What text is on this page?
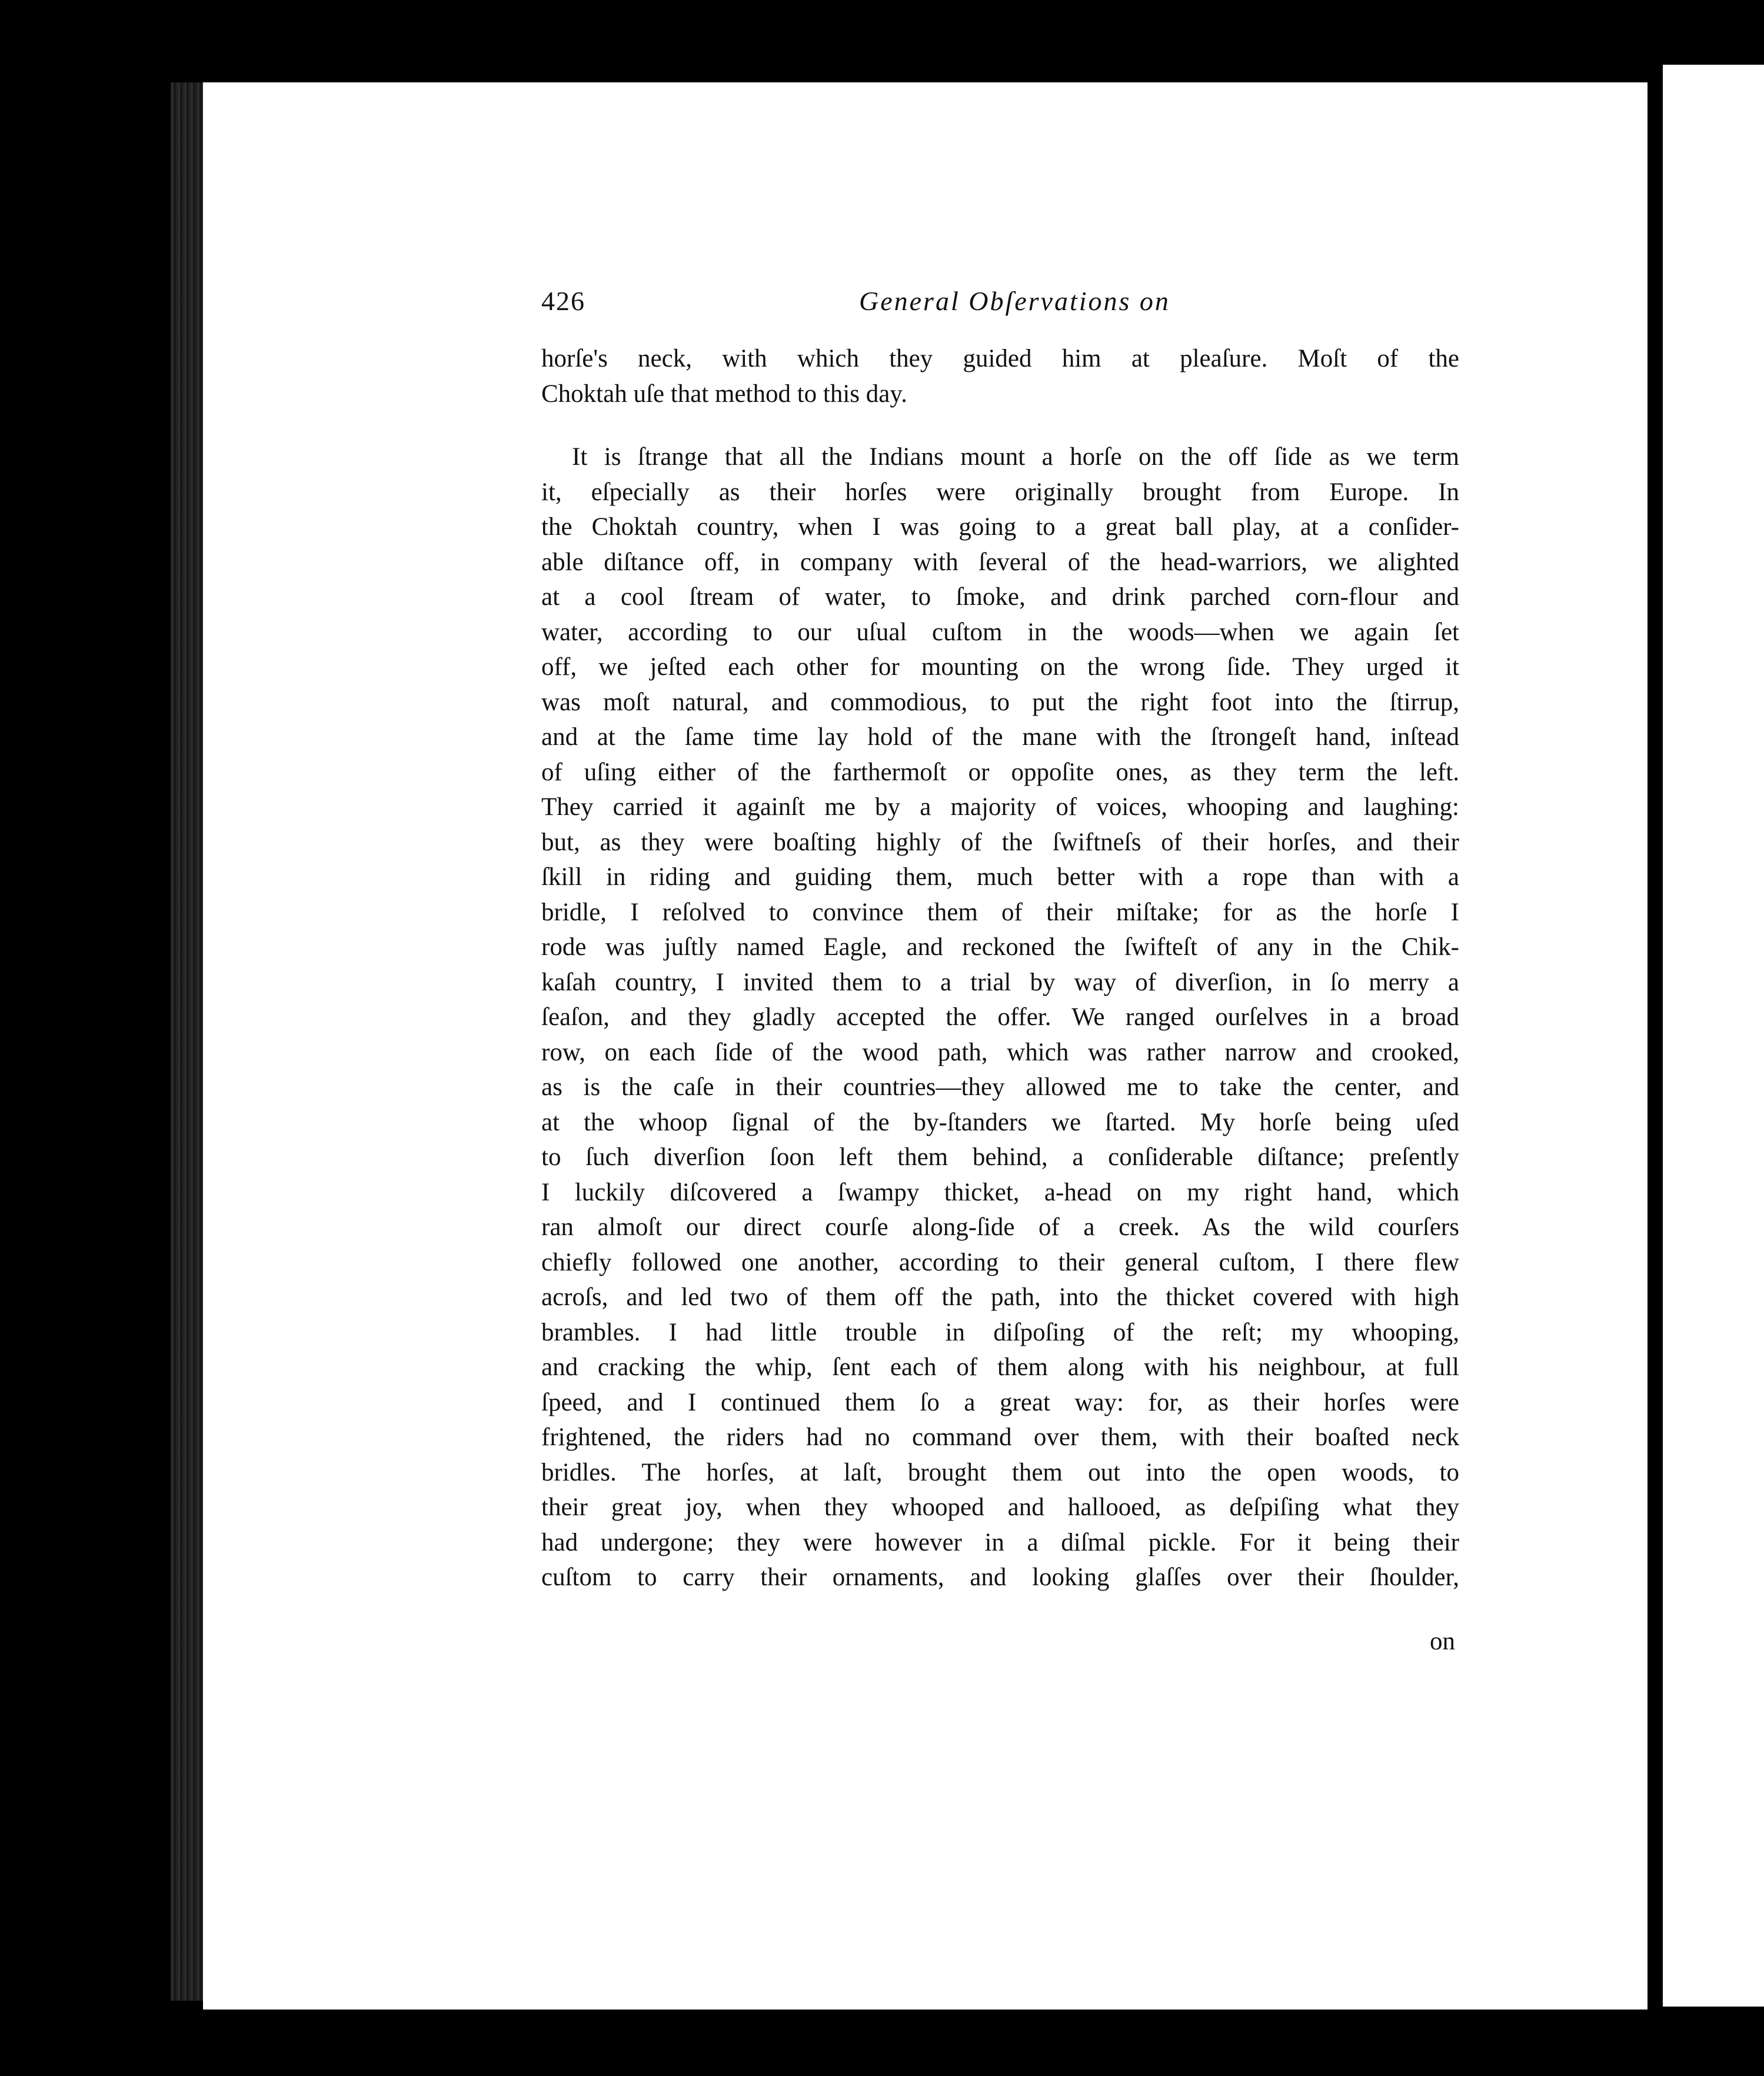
426	General Obſervations on
horſe's neck, with which they guided him at pleaſure. Moſt of the
Choktah uſe that method to this day.
It is ſtrange that all the Indians mount a horſe on the off ſide as we term
it, eſpecially as their horſes were originally brought from Europe. In
the Choktah country, when I was going to a great ball play, at a conſider-
able diſtance off, in company with ſeveral of the head-warriors, we alighted
at a cool ſtream of water, to ſmoke, and drink parched corn-flour and
water, according to our uſual cuſtom in the woods—when we again ſet
off, we jeſted each other for mounting on the wrong ſide. They urged it
was moſt natural, and commodious, to put the right foot into the ſtirrup,
and at the ſame time lay hold of the mane with the ſtrongeſt hand, inſtead
of uſing either of the farthermoſt or oppoſite ones, as they term the left.
They carried it againſt me by a majority of voices, whooping and laughing:
but, as they were boaſting highly of the ſwiftneſs of their horſes, and their
ſkill in riding and guiding them, much better with a rope than with a
bridle, I reſolved to convince them of their miſtake; for as the horſe I
rode was juſtly named Eagle, and reckoned the ſwifteſt of any in the Chik-
kaſah country, I invited them to a trial by way of diverſion, in ſo merry a
ſeaſon, and they gladly accepted the offer. We ranged ourſelves in a broad
row, on each ſide of the wood path, which was rather narrow and crooked,
as is the caſe in their countries—they allowed me to take the center, and
at the whoop ſignal of the by-ſtanders we ſtarted. My horſe being uſed
to ſuch diverſion ſoon left them behind, a conſiderable diſtance; preſently
I luckily diſcovered a ſwampy thicket, a-head on my right hand, which
ran almoſt our direct courſe along-ſide of a creek. As the wild courſers
chiefly followed one another, according to their general cuſtom, I there flew
acroſs, and led two of them off the path, into the thicket covered with high
brambles. I had little trouble in diſpoſing of the reſt; my whooping,
and cracking the whip, ſent each of them along with his neighbour, at full
ſpeed, and I continued them ſo a great way: for, as their horſes were
frightened, the riders had no command over them, with their boaſted neck
bridles. The horſes, at laſt, brought them out into the open woods, to
their great joy, when they whooped and hallooed, as deſpiſing what they
had undergone; they were however in a diſmal pickle. For it being their
cuſtom to carry their ornaments, and looking glaſſes over their ſhoulder,
on
